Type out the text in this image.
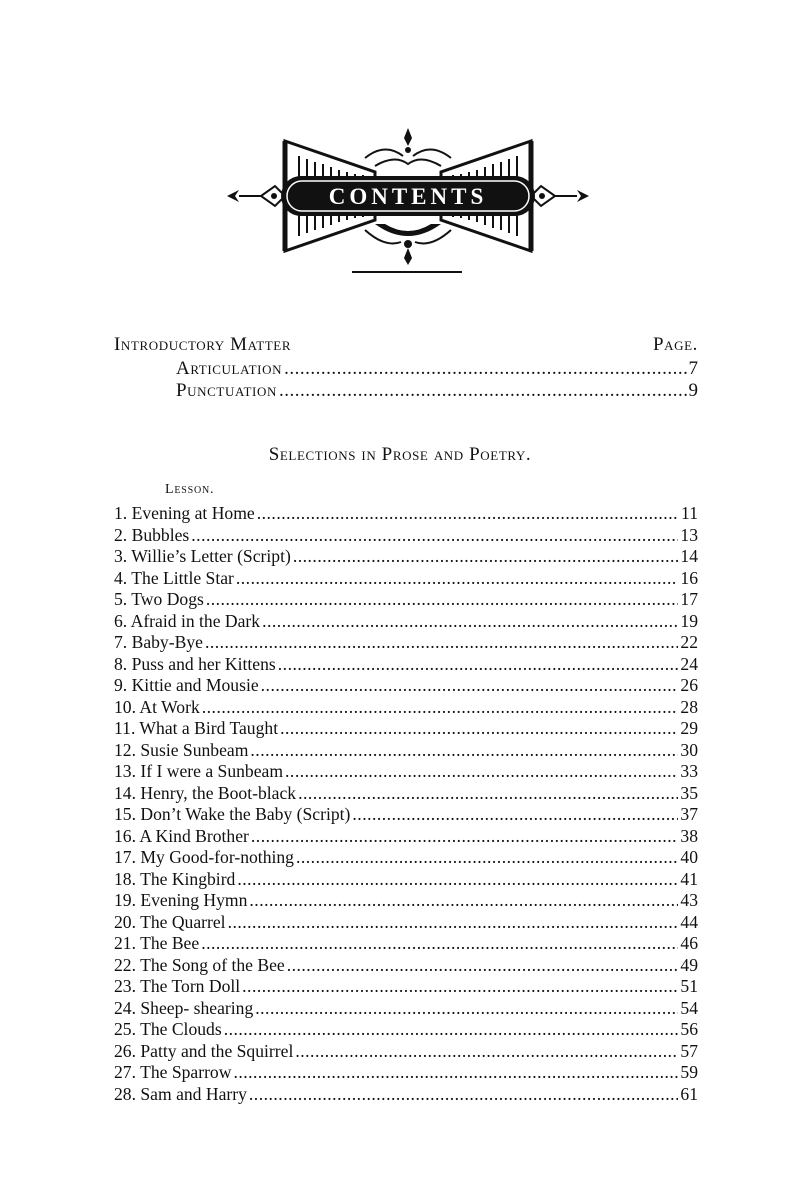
CONTENTS
Introductory Matter	Page.
Articulation .....	7
Punctuation .....	9
Selections in Prose and Poetry.
Lesson.
1. Evening at Home .....	11
2. Bubbles .....	13
3. Willie’s Letter (Script) .....	14
4. The Little Star .....	16
5. Two Dogs .....	17
6. Afraid in the Dark .....	19
7. Baby-Bye .....	22
8. Puss and her Kittens .....	24
9. Kittie and Mousie .....	26
10. At Work .....	28
11. What a Bird Taught .....	29
12. Susie Sunbeam .....	30
13. If I were a Sunbeam .....	33
14. Henry, the Boot-black .....	35
15. Don’t Wake the Baby (Script) .....	37
16. A Kind Brother .....	38
17. My Good-for-nothing .....	40
18. The Kingbird .....	41
19. Evening Hymn .....	43
20. The Quarrel .....	44
21. The Bee .....	46
22. The Song of the Bee .....	49
23. The Torn Doll .....	51
24. Sheep- shearing .....	54
25. The Clouds .....	56
26. Patty and the Squirrel .....	57
27. The Sparrow .....	59
28. Sam and Harry .....	61
